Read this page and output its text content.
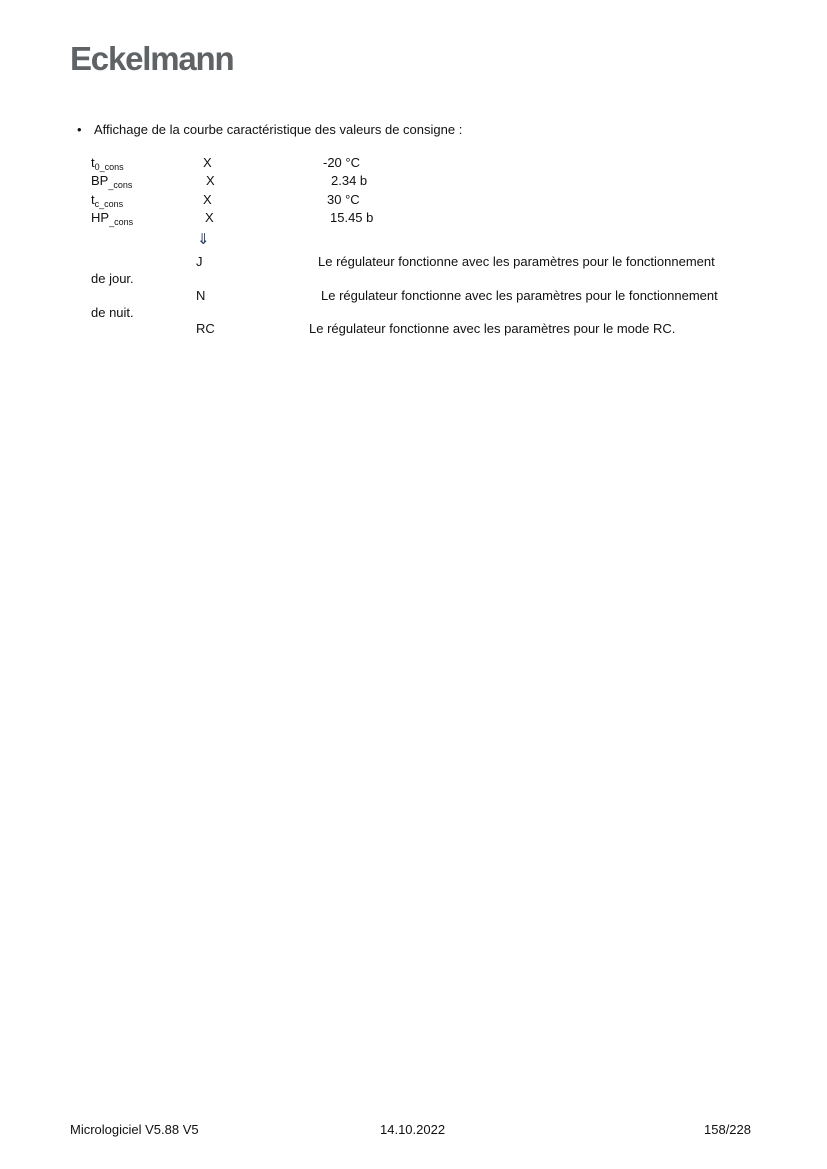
Eckelmann
• Affichage de la courbe caractéristique des valeurs de consigne :
$t_{0\_cons}$	X	-20 °C
$BP_{\_cons}$	X	2.34 b
$t_{c\_cons}$	X	30 °C
$HP_{\_cons}$	X	15.45 b
⇓
J	Le régulateur fonctionne avec les paramètres pour le fonctionnement
de jour.
N	Le régulateur fonctionne avec les paramètres pour le fonctionnement
de nuit.
RC	Le régulateur fonctionne avec les paramètres pour le mode RC.
Micrologiciel V5.88 V5	14.10.2022	158/228
